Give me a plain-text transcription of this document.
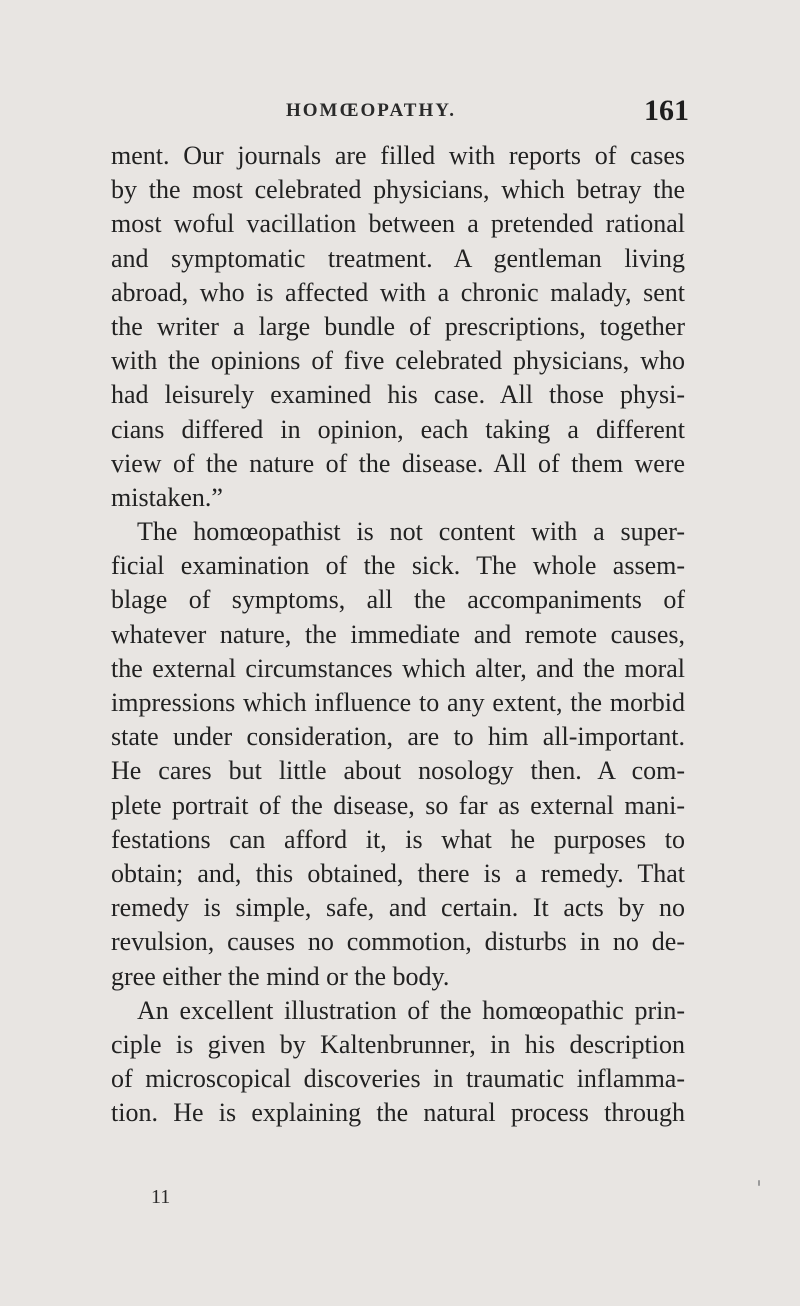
HOMŒOPATHY.	161
ment. Our journals are filled with reports of cases
by the most celebrated physicians, which betray the
most woful vacillation between a pretended rational
and symptomatic treatment. A gentleman living
abroad, who is affected with a chronic malady, sent
the writer a large bundle of prescriptions, together
with the opinions of five celebrated physicians, who
had leisurely examined his case. All those physi-
cians differed in opinion, each taking a different
view of the nature of the disease. All of them were
mistaken.”
The homœopathist is not content with a super-
ficial examination of the sick. The whole assem-
blage of symptoms, all the accompaniments of
whatever nature, the immediate and remote causes,
the external circumstances which alter, and the moral
impressions which influence to any extent, the morbid
state under consideration, are to him all-important.
He cares but little about nosology then. A com-
plete portrait of the disease, so far as external mani-
festations can afford it, is what he purposes to
obtain; and, this obtained, there is a remedy. That
remedy is simple, safe, and certain. It acts by no
revulsion, causes no commotion, disturbs in no de-
gree either the mind or the body.
An excellent illustration of the homœopathic prin-
ciple is given by Kaltenbrunner, in his description
of microscopical discoveries in traumatic inflamma-
tion. He is explaining the natural process through
11
